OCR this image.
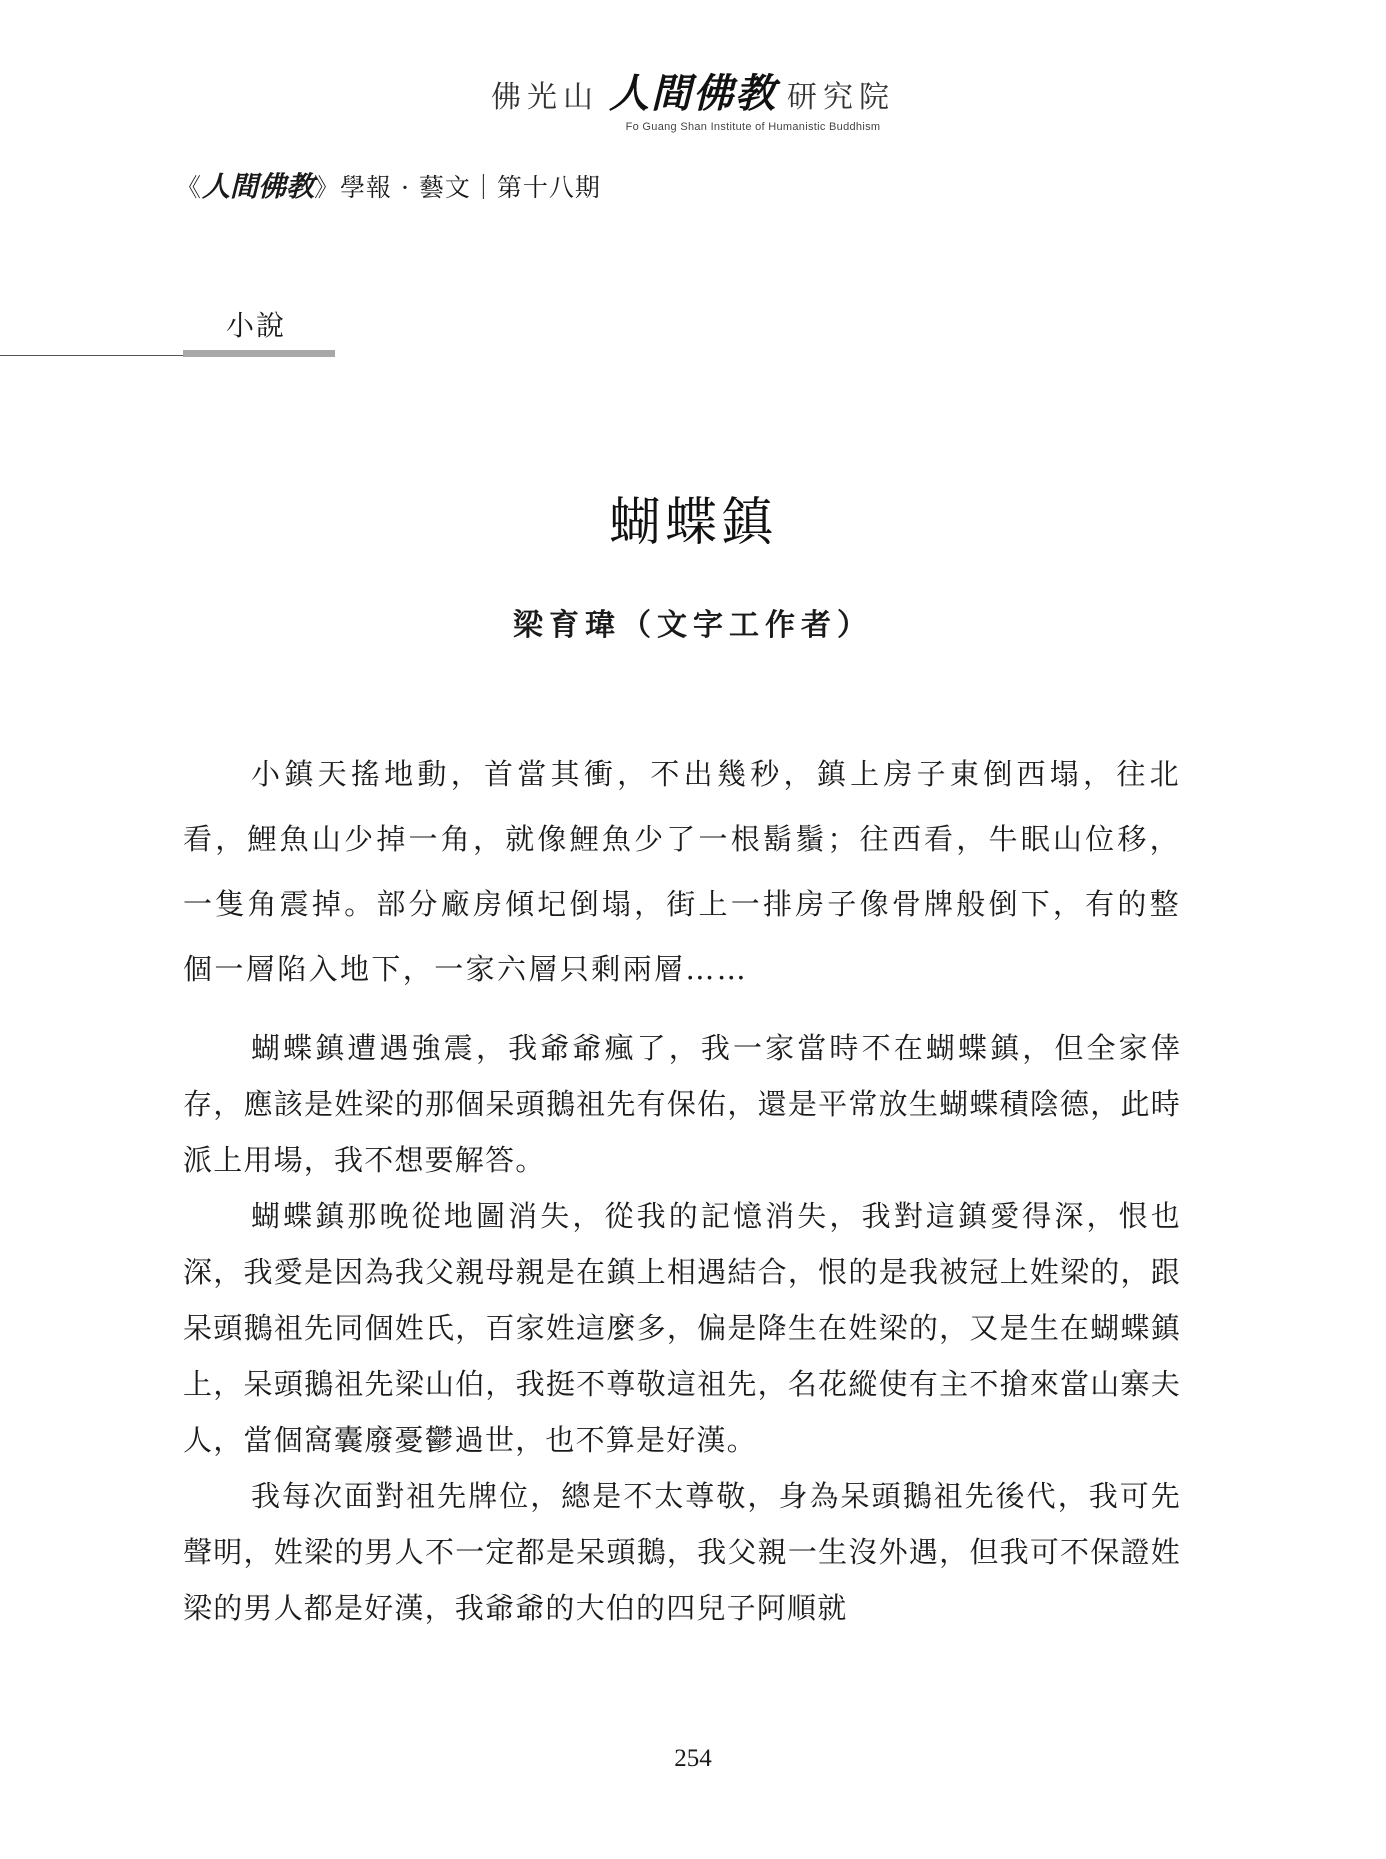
佛光山 人間佛教 研究院
Fo Guang Shan Institute of Humanistic Buddhism
《人間佛教》學報 · 藝文｜第十八期
小說
蝴蝶鎮
梁育瑋（文字工作者）

小鎮天搖地動，首當其衝，不出幾秒，鎮上房子東倒西塌，往北看，鯉魚山少掉一角，就像鯉魚少了一根鬍鬚；往西看，牛眠山位移，一隻角震掉。部分廠房傾圮倒塌，街上一排房子像骨牌般倒下，有的整個一層陷入地下，一家六層只剩兩層……

蝴蝶鎮遭遇強震，我爺爺瘋了，我一家當時不在蝴蝶鎮，但全家倖存，應該是姓梁的那個呆頭鵝祖先有保佑，還是平常放生蝴蝶積陰德，此時派上用場，我不想要解答。

蝴蝶鎮那晚從地圖消失，從我的記憶消失，我對這鎮愛得深，恨也深，我愛是因為我父親母親是在鎮上相遇結合，恨的是我被冠上姓梁的，跟呆頭鵝祖先同個姓氏，百家姓這麼多，偏是降生在姓梁的，又是生在蝴蝶鎮上，呆頭鵝祖先梁山伯，我挺不尊敬這祖先，名花縱使有主不搶來當山寨夫人，當個窩囊廢憂鬱過世，也不算是好漢。

我每次面對祖先牌位，總是不太尊敬，身為呆頭鵝祖先後代，我可先聲明，姓梁的男人不一定都是呆頭鵝，我父親一生沒外遇，但我可不保證姓梁的男人都是好漢，我爺爺的大伯的四兒子阿順就

254
